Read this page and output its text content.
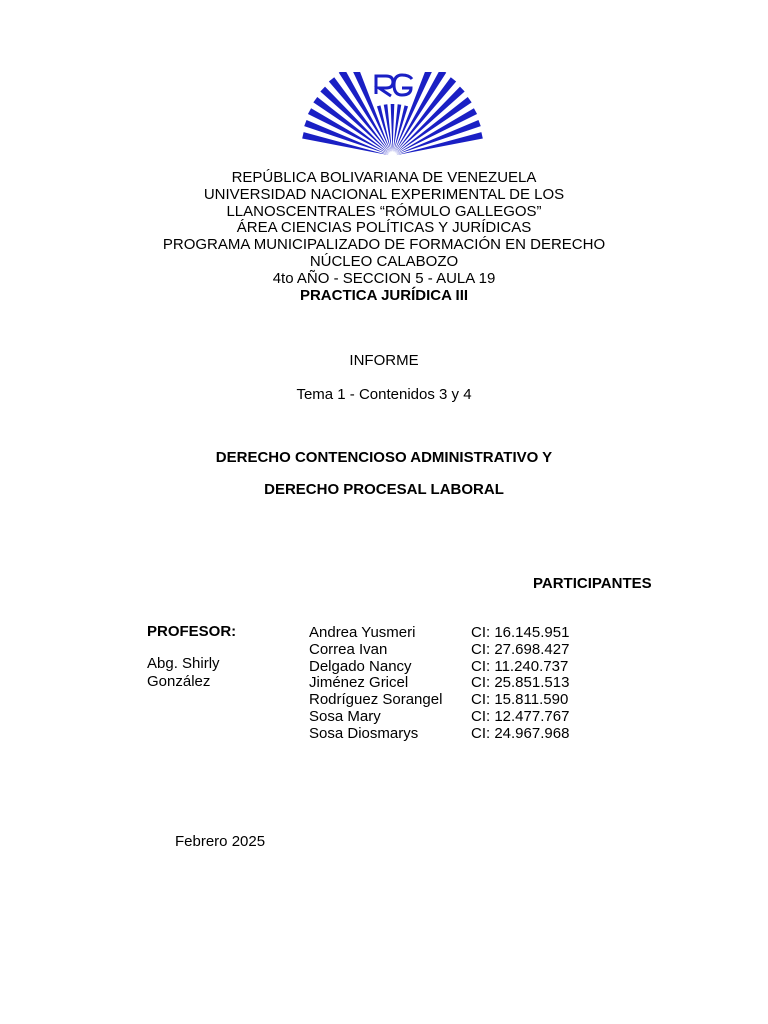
REPÚBLICA BOLIVARIANA DE VENEZUELA
UNIVERSIDAD NACIONAL EXPERIMENTAL DE LOS
LLANOSCENTRALES “RÓMULO GALLEGOS”
ÁREA CIENCIAS POLÍTICAS Y JURÍDICAS
PROGRAMA MUNICIPALIZADO DE FORMACIÓN EN DERECHO
NÚCLEO CALABOZO
4to AÑO - SECCION 5 - AULA 19
PRACTICA JURÍDICA III
INFORME
Tema 1 - Contenidos 3 y 4
DERECHO CONTENCIOSO ADMINISTRATIVO Y
DERECHO PROCESAL LABORAL
PARTICIPANTES
PROFESOR:
Abg. Shirly
González
Andrea Yusmeri	CI: 16.145.951
Correa Ivan	CI: 27.698.427
Delgado Nancy	CI: 11.240.737
Jiménez Gricel	CI: 25.851.513
Rodríguez Sorangel CI: 15.811.590
Sosa Mary	CI: 12.477.767
Sosa Diosmarys	CI: 24.967.968
Febrero 2025
